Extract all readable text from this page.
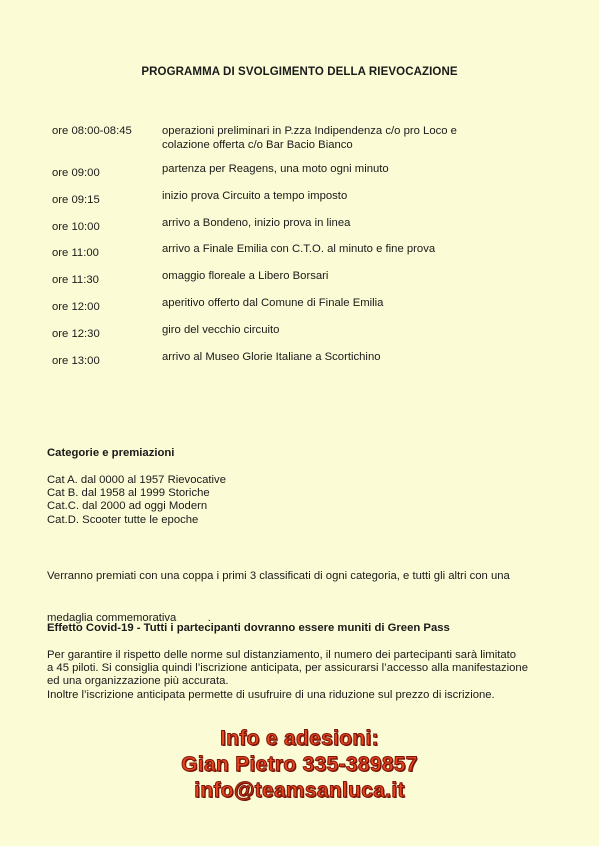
PROGRAMMA DI SVOLGIMENTO DELLA RIEVOCAZIONE
ore 08:00-08:45	operazioni preliminari in P.zza Indipendenza c/o pro Loco e
colazione offerta c/o Bar Bacio Bianco
ore 09:00	partenza per Reagens, una moto ogni minuto
ore 09:15	inizio prova Circuito a tempo imposto
ore 10:00	arrivo a Bondeno, inizio prova in linea
ore 11:00	arrivo a Finale Emilia con C.T.O. al minuto e fine prova
ore 11:30	omaggio floreale a Libero Borsari
ore 12:00	aperitivo offerto dal Comune di Finale Emilia
ore 12:30	giro del vecchio circuito
ore 13:00	arrivo al Museo Glorie Italiane a Scortichino
Categorie e premiazioni
Cat A. dal 0000 al 1957 Rievocative
Cat B. dal 1958 al 1999 Storiche
Cat.C. dal 2000 ad oggi Modern
Cat.D. Scooter tutte le epoche

Verranno premiati con una coppa i primi 3 classificati di ogni categoria, e tutti gli altri con una

medaglia commemorativa          .

Effetto Covid-19 - Tutti i partecipanti dovranno essere muniti di Green Pass
Per garantire il rispetto delle norme sul distanziamento, il numero dei partecipanti sarà limitato
a 45 piloti. Si consiglia quindi l’iscrizione anticipata, per assicurarsi l’accesso alla manifestazione
ed una organizzazione più accurata.
Inoltre l’iscrizione anticipata permette di usufruire di una riduzione sul prezzo di iscrizione.
Info e adesioni:
Gian Pietro 335-389857
info@teamsanluca.it
